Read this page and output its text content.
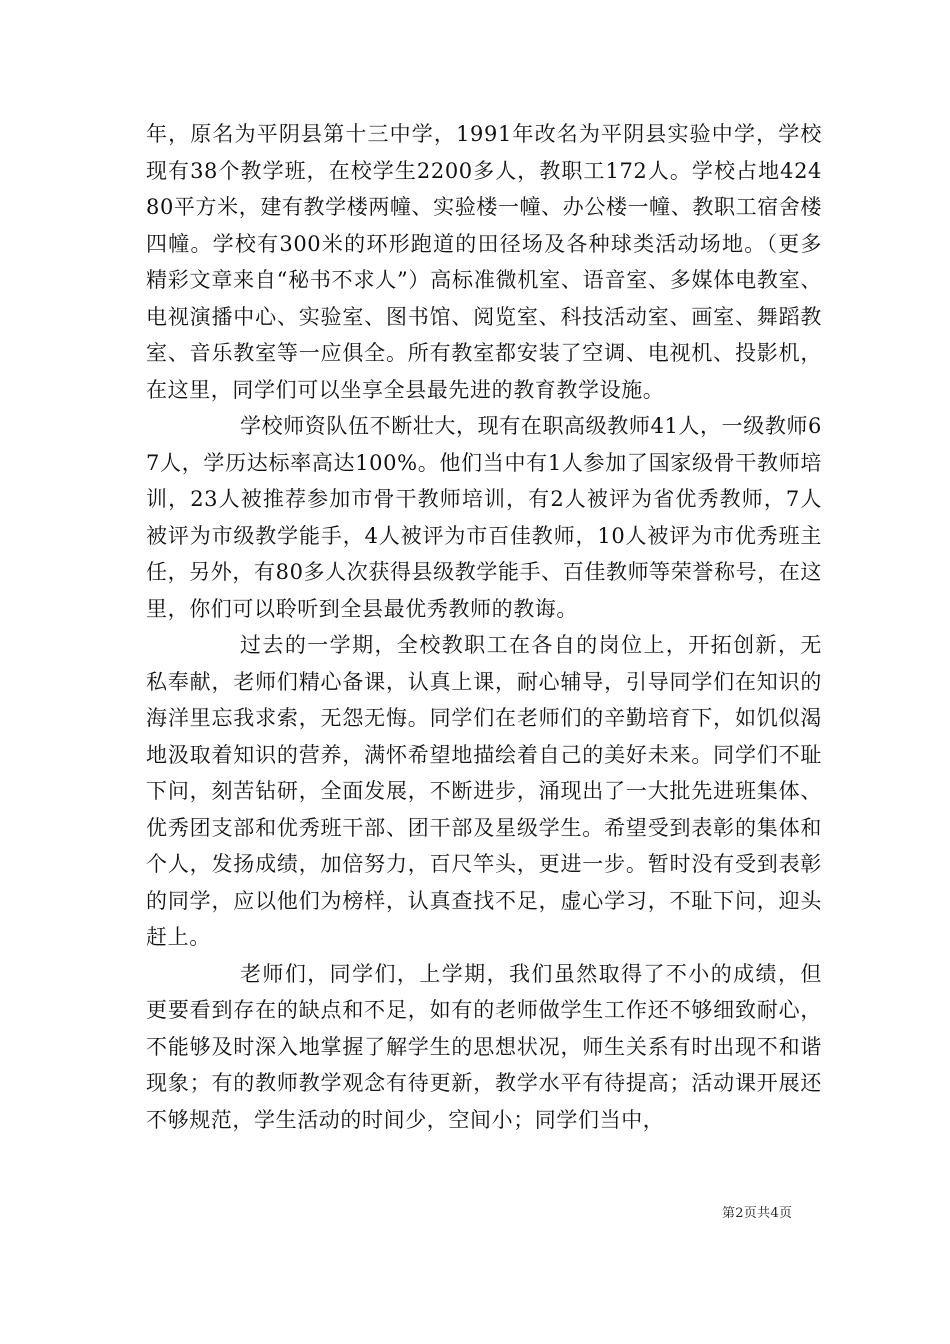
年，原名为平阴县第十三中学，1991年改名为平阴县实验中学，学校现有38个教学班，在校学生2200多人，教职工172人。学校占地42480平方米，建有教学楼两幢、实验楼一幢、办公楼一幢、教职工宿舍楼四幢。学校有300米的环形跑道的田径场及各种球类活动场地。（更多精彩文章来自“秘书不求人”）高标准微机室、语音室、多媒体电教室、电视演播中心、实验室、图书馆、阅览室、科技活动室、画室、舞蹈教室、音乐教室等一应俱全。所有教室都安装了空调、电视机、投影机，在这里，同学们可以坐享全县最先进的教育教学设施。

学校师资队伍不断壮大，现有在职高级教师41人，一级教师67人，学历达标率高达100%。他们当中有1人参加了国家级骨干教师培训，23人被推荐参加市骨干教师培训，有2人被评为省优秀教师，7人被评为市级教学能手，4人被评为市百佳教师，10人被评为市优秀班主任，另外，有80多人次获得县级教学能手、百佳教师等荣誉称号，在这里，你们可以聆听到全县最优秀教师的教诲。

过去的一学期，全校教职工在各自的岗位上，开拓创新，无私奉献，老师们精心备课，认真上课，耐心辅导，引导同学们在知识的海洋里忘我求索，无怨无悔。同学们在老师们的辛勤培育下，如饥似渴地汲取着知识的营养，满怀希望地描绘着自己的美好未来。同学们不耻下问，刻苦钻研，全面发展，不断进步，涌现出了一大批先进班集体、优秀团支部和优秀班干部、团干部及星级学生。希望受到表彰的集体和个人，发扬成绩，加倍努力，百尺竿头，更进一步。暂时没有受到表彰的同学，应以他们为榜样，认真查找不足，虚心学习，不耻下问，迎头赶上。

老师们，同学们，上学期，我们虽然取得了不小的成绩，但更要看到存在的缺点和不足，如有的老师做学生工作还不够细致耐心，不能够及时深入地掌握了解学生的思想状况，师生关系有时出现不和谐现象；有的教师教学观念有待更新，教学水平有待提高；活动课开展还不够规范，学生活动的时间少，空间小；同学们当中，

第2页共4页
